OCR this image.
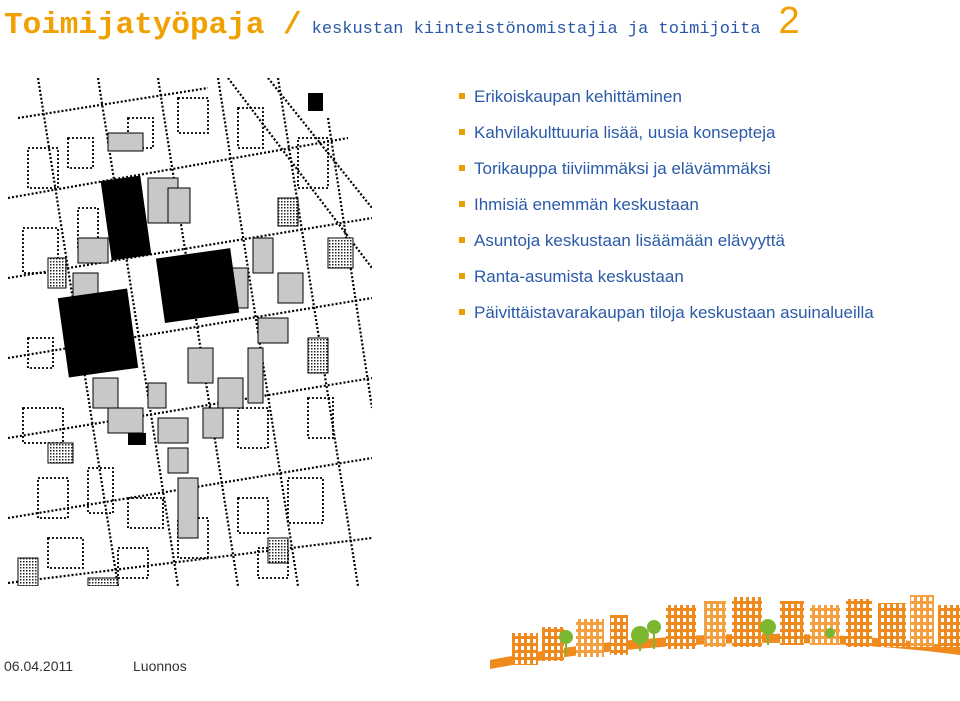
Toimijatyöpaja / keskustan kiinteistönomistajia ja toimijoita 2
Erikoiskaupan kehittäminen
Kahvilakulttuuria lisää, uusia konsepteja
Torikauppa tiiviimmäksi ja elävämmäksi
Ihmisiä enemmän keskustaan
Asuntoja keskustaan lisäämään elävyyttä
Ranta-asumista keskustaan
Päivittäistavarakaupan tiloja keskustaan asuinalueilla
06.04.2011	Luonnos
